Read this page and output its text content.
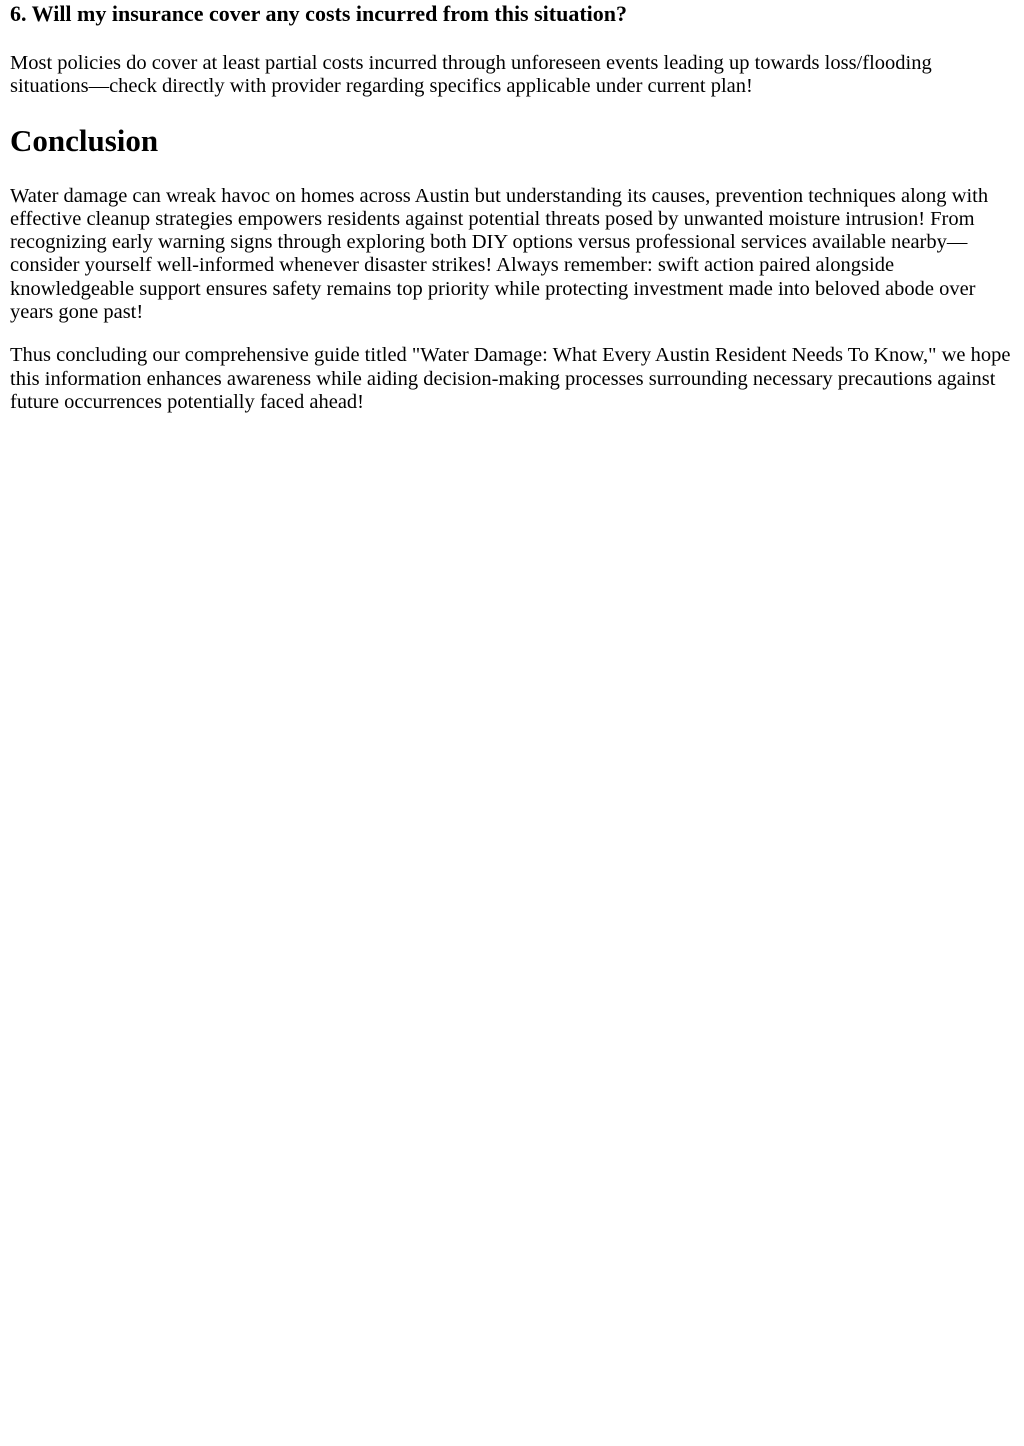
6. Will my insurance cover any costs incurred from this situation?

Most policies do cover at least partial costs incurred through unforeseen events leading up towards loss/flooding situations—check directly with provider regarding specifics applicable under current plan!

Conclusion

Water damage can wreak havoc on homes across Austin but understanding its causes, prevention techniques along with effective cleanup strategies empowers residents against potential threats posed by unwanted moisture intrusion! From recognizing early warning signs through exploring both DIY options versus professional services available nearby—consider yourself well-informed whenever disaster strikes! Always remember: swift action paired alongside knowledgeable support ensures safety remains top priority while protecting investment made into beloved abode over years gone past!

Thus concluding our comprehensive guide titled "Water Damage: What Every Austin Resident Needs To Know," we hope this information enhances awareness while aiding decision-making processes surrounding necessary precautions against future occurrences potentially faced ahead!
